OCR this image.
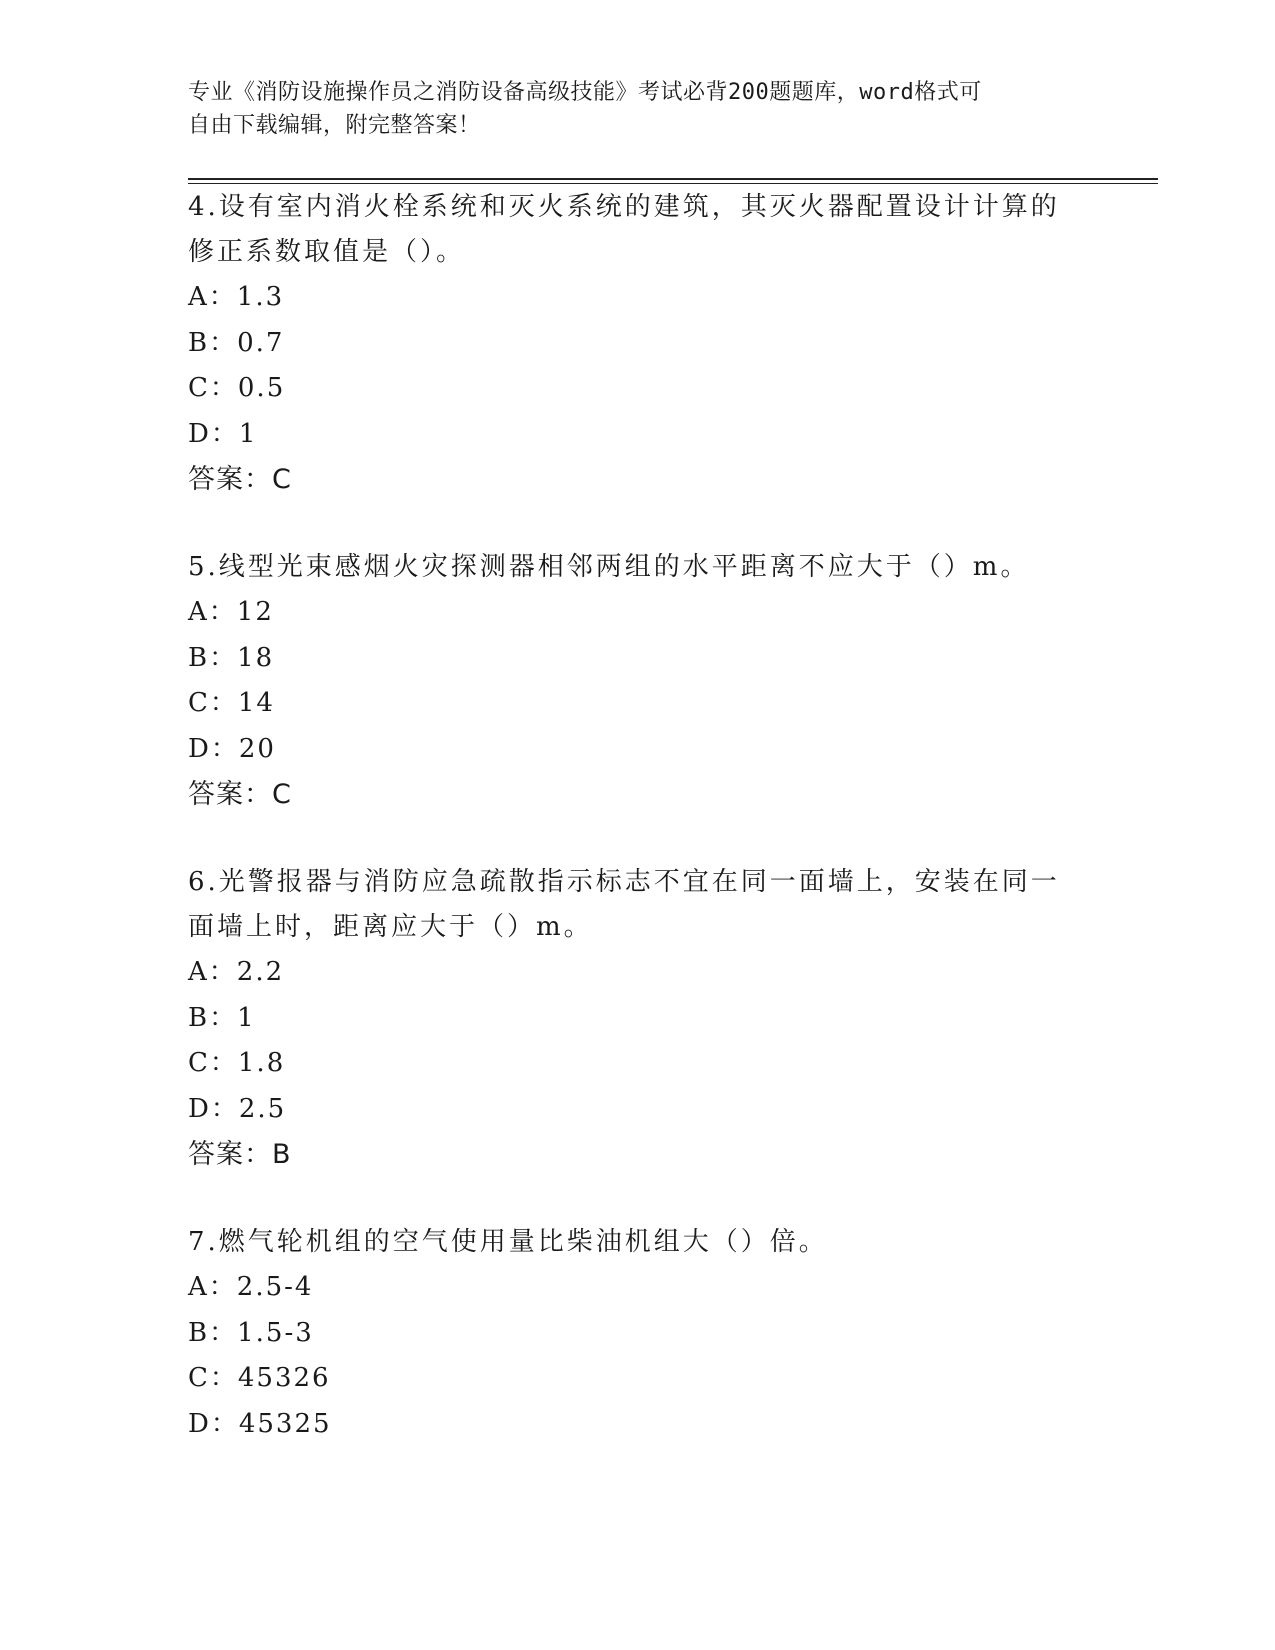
专业《消防设施操作员之消防设备高级技能》考试必背200题题库，word格式可
自由下载编辑，附完整答案！
4.设有室内消火栓系统和灭火系统的建筑，其灭火器配置设计计算的
修正系数取值是（）。
A：1.3
B：0.7
C：0.5
D：1
答案：C
5.线型光束感烟火灾探测器相邻两组的水平距离不应大于（）m。
A：12
B：18
C：14
D：20
答案：C
6.光警报器与消防应急疏散指示标志不宜在同一面墙上，安装在同一
面墙上时，距离应大于（）m。
A：2.2
B：1
C：1.8
D：2.5
答案：B
7.燃气轮机组的空气使用量比柴油机组大（）倍。
A：2.5-4
B：1.5-3
C：45326
D：45325
